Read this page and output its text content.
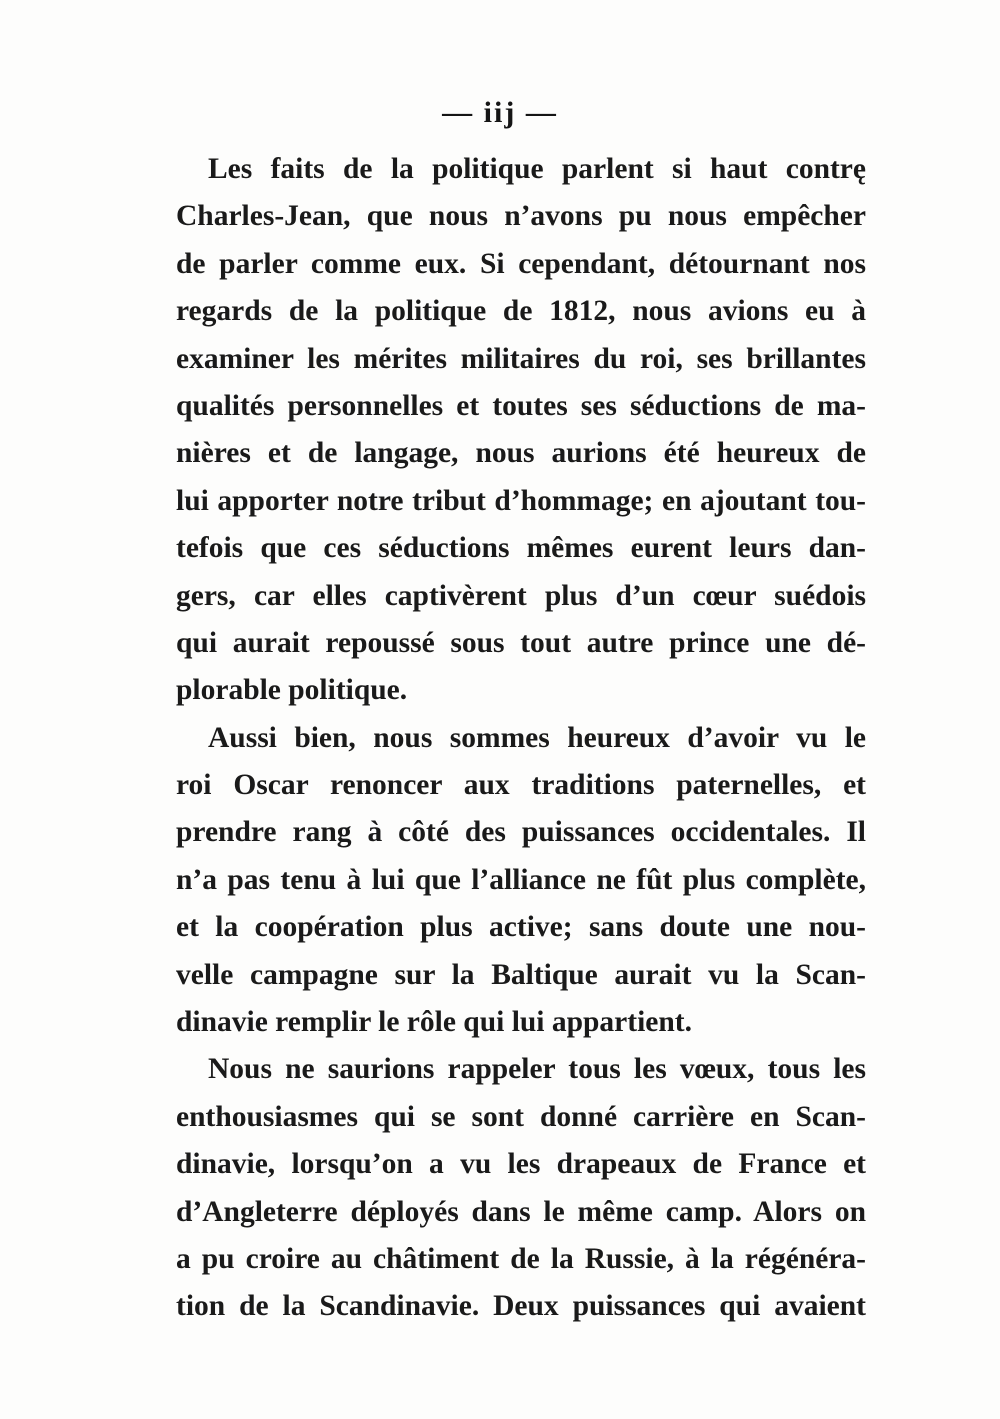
— iij —
Les faits de la politique parlent si haut contrę
Charles-Jean, que nous n’avons pu nous empêcher
de parler comme eux. Si cependant, détournant nos
regards de la politique de 1812, nous avions eu à
examiner les mérites militaires du roi, ses brillantes
qualités personnelles et toutes ses séductions de ma-
nières et de langage, nous aurions été heureux de
lui apporter notre tribut d’hommage; en ajoutant tou-
tefois que ces séductions mêmes eurent leurs dan-
gers, car elles captivèrent plus d’un cœur suédois
qui aurait repoussé sous tout autre prince une dé-
plorable politique.
Aussi bien, nous sommes heureux d’avoir vu le
roi Oscar renoncer aux traditions paternelles, et
prendre rang à côté des puissances occidentales. Il
n’a pas tenu à lui que l’alliance ne fût plus complète,
et la coopération plus active; sans doute une nou-
velle campagne sur la Baltique aurait vu la Scan-
dinavie remplir le rôle qui lui appartient.
Nous ne saurions rappeler tous les vœux, tous les
enthousiasmes qui se sont donné carrière en Scan-
dinavie, lorsqu’on a vu les drapeaux de France et
d’Angleterre déployés dans le même camp. Alors on
a pu croire au châtiment de la Russie, à la régénéra-
tion de la Scandinavie. Deux puissances qui avaient
